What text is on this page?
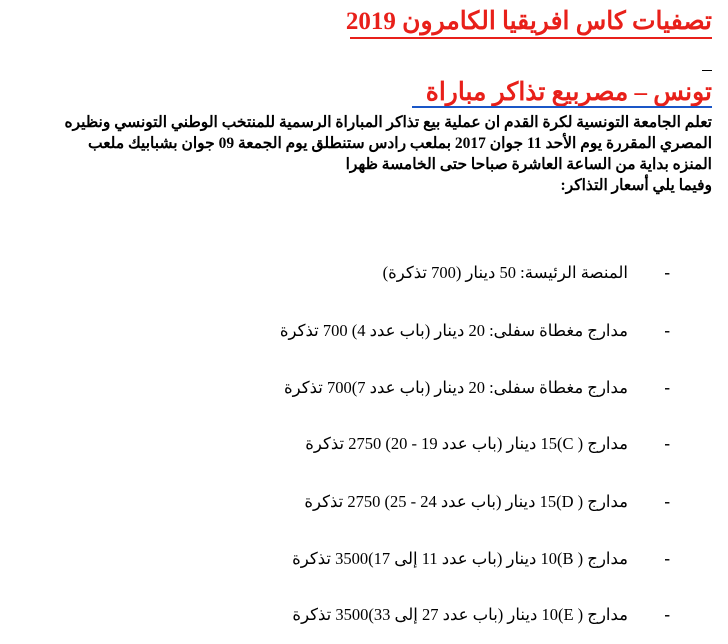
تصفيات كاس افريقيا الكامرون 2019
تونس – مصربيع تذاكر مباراة
تعلم الجامعة التونسية لكرة القدم ان عملية بيع تذاكر المباراة الرسمية للمنتخب الوطني التونسي ونظيره
المصري المقررة يوم الأحد 11 جوان 2017 بملعب رادس ستنطلق يوم الجمعة 09 جوان بشبابيك ملعب
المنزه بداية من الساعة العاشرة صباحا حتى الخامسة ظهرا
وفيما يلي أسعار التذاكر:
-
المنصة الرئيسة: 50 دينار (700 تذكرة)
-
مدارج مغطاة سفلى: 20 دينار (باب عدد 4) 700 تذكرة
-
مدارج مغطاة سفلى: 20 دينار (باب عدد 7)700 تذكرة
-
مدارج ( C)15 دينار (باب عدد 19 - 20) 2750 تذكرة
-
مدارج ( D)15 دينار (باب عدد 24 - 25) 2750 تذكرة
-
مدارج ( B)10 دينار (باب عدد 11 إلى 17)3500 تذكرة
-
مدارج ( E)10 دينار (باب عدد 27 إلى 33)3500 تذكرة
